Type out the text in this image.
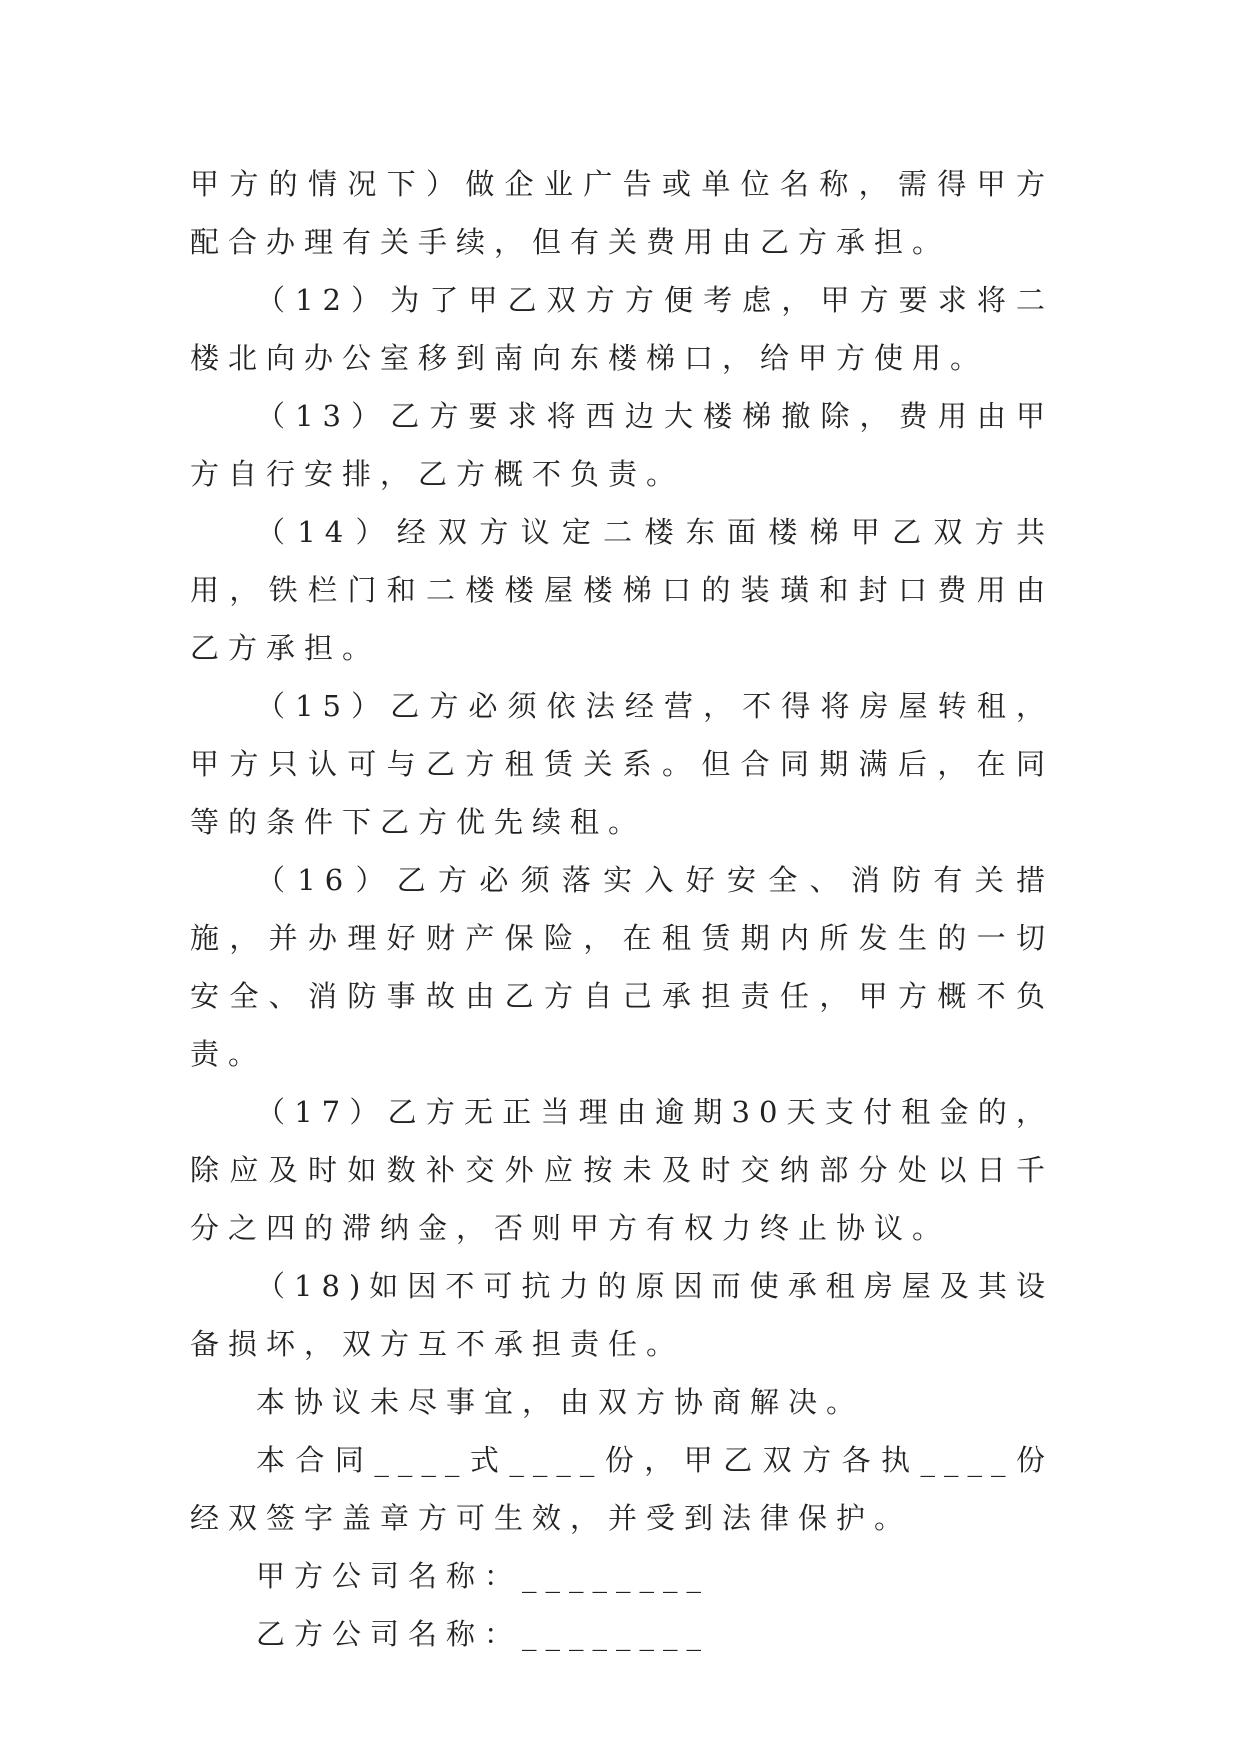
甲方的情况下）做企业广告或单位名称，需得甲方配合办理有关手续，但有关费用由乙方承担。

（12）为了甲乙双方方便考虑，甲方要求将二楼北向办公室移到南向东楼梯口，给甲方使用。

（13）乙方要求将西边大楼梯撤除，费用由甲方自行安排，乙方概不负责。

（14）经双方议定二楼东面楼梯甲乙双方共用，铁栏门和二楼楼屋楼梯口的装璜和封口费用由乙方承担。

（15）乙方必须依法经营，不得将房屋转租，甲方只认可与乙方租赁关系。但合同期满后，在同等的条件下乙方优先续租。

（16）乙方必须落实入好安全、消防有关措施，并办理好财产保险，在租赁期内所发生的一切安全、消防事故由乙方自己承担责任，甲方概不负责。

（17）乙方无正当理由逾期30天支付租金的，除应及时如数补交外应按未及时交纳部分处以日千分之四的滞纳金，否则甲方有权力终止协议。

（18)如因不可抗力的原因而使承租房屋及其设备损坏，双方互不承担责任。

本协议未尽事宜，由双方协商解决。

本合同____式____份，甲乙双方各执____份经双签字盖章方可生效，并受到法律保护。

甲方公司名称：________

乙方公司名称：________
